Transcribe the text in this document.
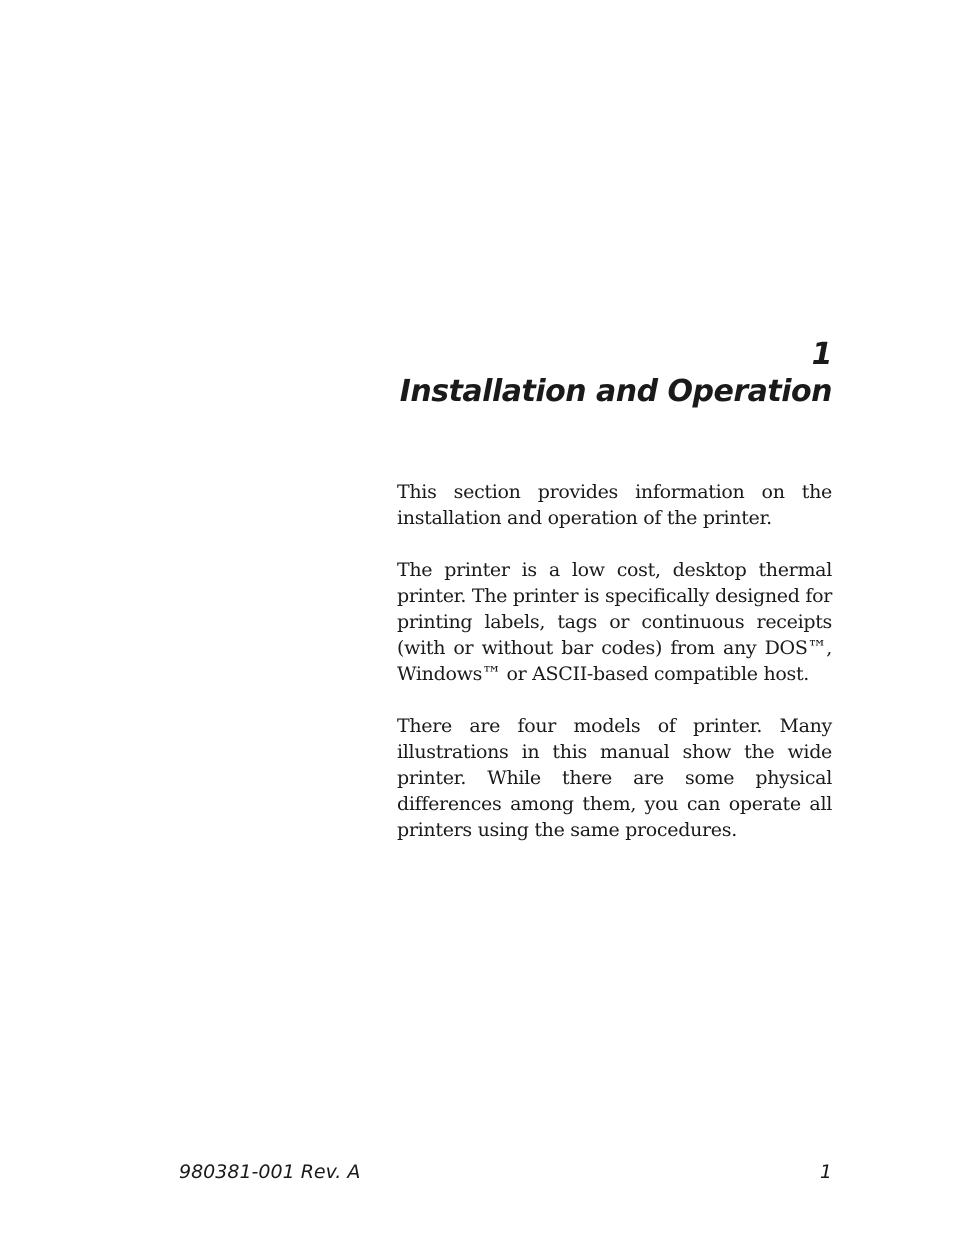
1
Installation and Operation

This section provides information on the installation and operation of the printer.

The printer is a low cost, desktop thermal printer. The printer is specifically designed for printing labels, tags or continuous receipts (with or without bar codes) from any DOS™, Windows™ or ASCII-based compatible host.

There are four models of printer. Many illustrations in this manual show the wide printer. While there are some physical differences among them, you can operate all printers using the same procedures.

980381-001 Rev. A	1
